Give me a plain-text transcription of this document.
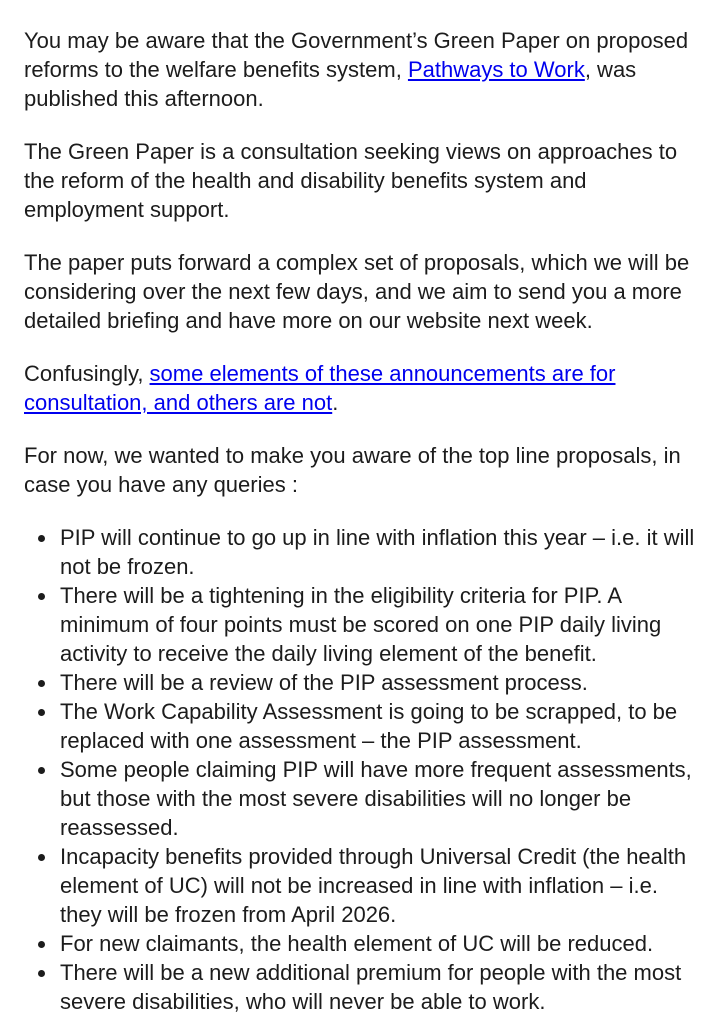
You may be aware that the Government’s Green Paper on proposed reforms to the welfare benefits system, Pathways to Work, was published this afternoon.

The Green Paper is a consultation seeking views on approaches to the reform of the health and disability benefits system and employment support.

The paper puts forward a complex set of proposals, which we will be considering over the next few days, and we aim to send you a more detailed briefing and have more on our website next week.

Confusingly, some elements of these announcements are for consultation, and others are not.

For now, we wanted to make you aware of the top line proposals, in case you have any queries :

• PIP will continue to go up in line with inflation this year – i.e. it will not be frozen.
• There will be a tightening in the eligibility criteria for PIP. A minimum of four points must be scored on one PIP daily living activity to receive the daily living element of the benefit.
• There will be a review of the PIP assessment process.
• The Work Capability Assessment is going to be scrapped, to be replaced with one assessment – the PIP assessment.
• Some people claiming PIP will have more frequent assessments, but those with the most severe disabilities will no longer be reassessed.
• Incapacity benefits provided through Universal Credit (the health element of UC) will not be increased in line with inflation – i.e. they will be frozen from April 2026.
• For new claimants, the health element of UC will be reduced.
• There will be a new additional premium for people with the most severe disabilities, who will never be able to work.
